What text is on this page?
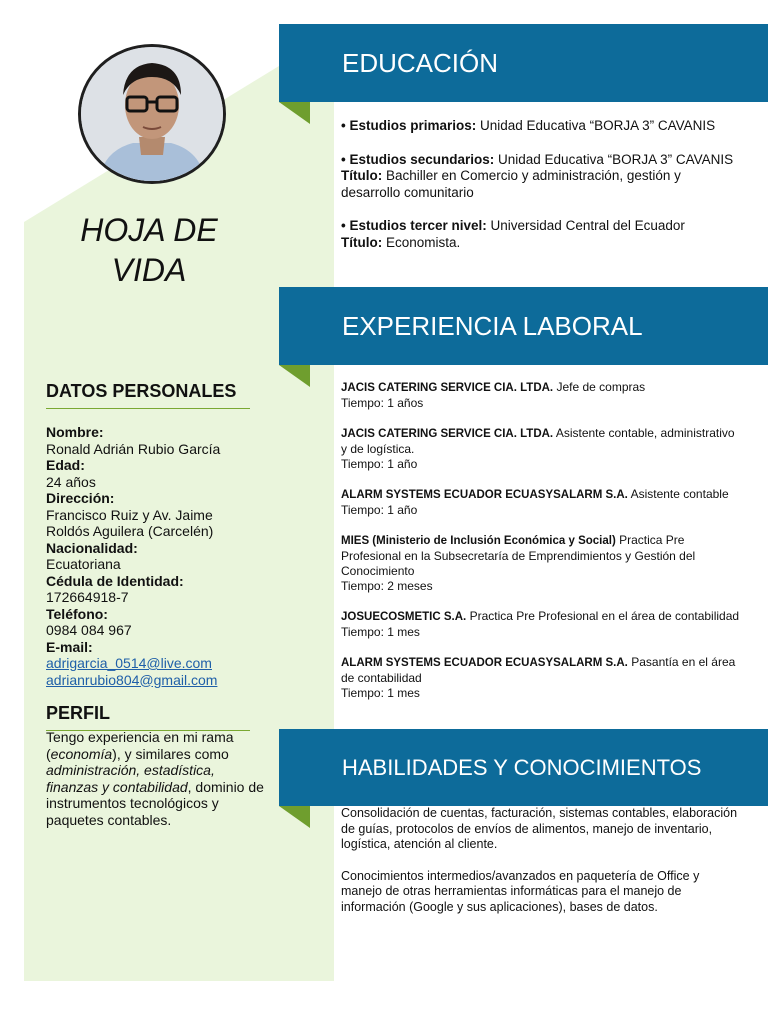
HOJA DE
VIDA
DATOS PERSONALES
Nombre:
Ronald Adrián Rubio García
Edad:
24 años
Dirección:
Francisco Ruiz y Av. Jaime Roldós Aguilera (Carcelén)
Nacionalidad:
Ecuatoriana
Cédula de Identidad:
172664918-7
Teléfono:
0984 084 967
E-mail:
adrigarcia_0514@live.com
adrianrubio804@gmail.com
PERFIL
Tengo experiencia en mi rama (economía), y similares como administración, estadística, finanzas y contabilidad, dominio de instrumentos tecnológicos y paquetes contables.
EDUCACIÓN

• Estudios primarios: Unidad Educativa “BORJA 3” CAVANIS

• Estudios secundarios: Unidad Educativa “BORJA 3” CAVANIS
Título: Bachiller en Comercio y administración, gestión y desarrollo comunitario

• Estudios tercer nivel: Universidad Central del Ecuador
Título: Economista.

EXPERIENCIA LABORAL

JACIS CATERING SERVICE CIA. LTDA. Jefe de compras
Tiempo: 1 años

JACIS CATERING SERVICE CIA. LTDA. Asistente contable, administrativo y de logística.
Tiempo: 1 año

ALARM SYSTEMS ECUADOR ECUASYSALARM S.A. Asistente contable
Tiempo: 1 año

MIES (Ministerio de Inclusión Económica y Social) Practica Pre Profesional en la Subsecretaría de Emprendimientos y Gestión del Conocimiento
Tiempo: 2 meses

JOSUECOSMETIC S.A. Practica Pre Profesional en el área de contabilidad
Tiempo: 1 mes

ALARM SYSTEMS ECUADOR ECUASYSALARM S.A. Pasantía en el área de contabilidad
Tiempo: 1 mes

HABILIDADES Y CONOCIMIENTOS

Consolidación de cuentas, facturación, sistemas contables, elaboración de guías, protocolos de envíos de alimentos, manejo de inventario, logística, atención al cliente.

Conocimientos intermedios/avanzados en paquetería de Office y manejo de otras herramientas informáticas para el manejo de información (Google y sus aplicaciones), bases de datos.
